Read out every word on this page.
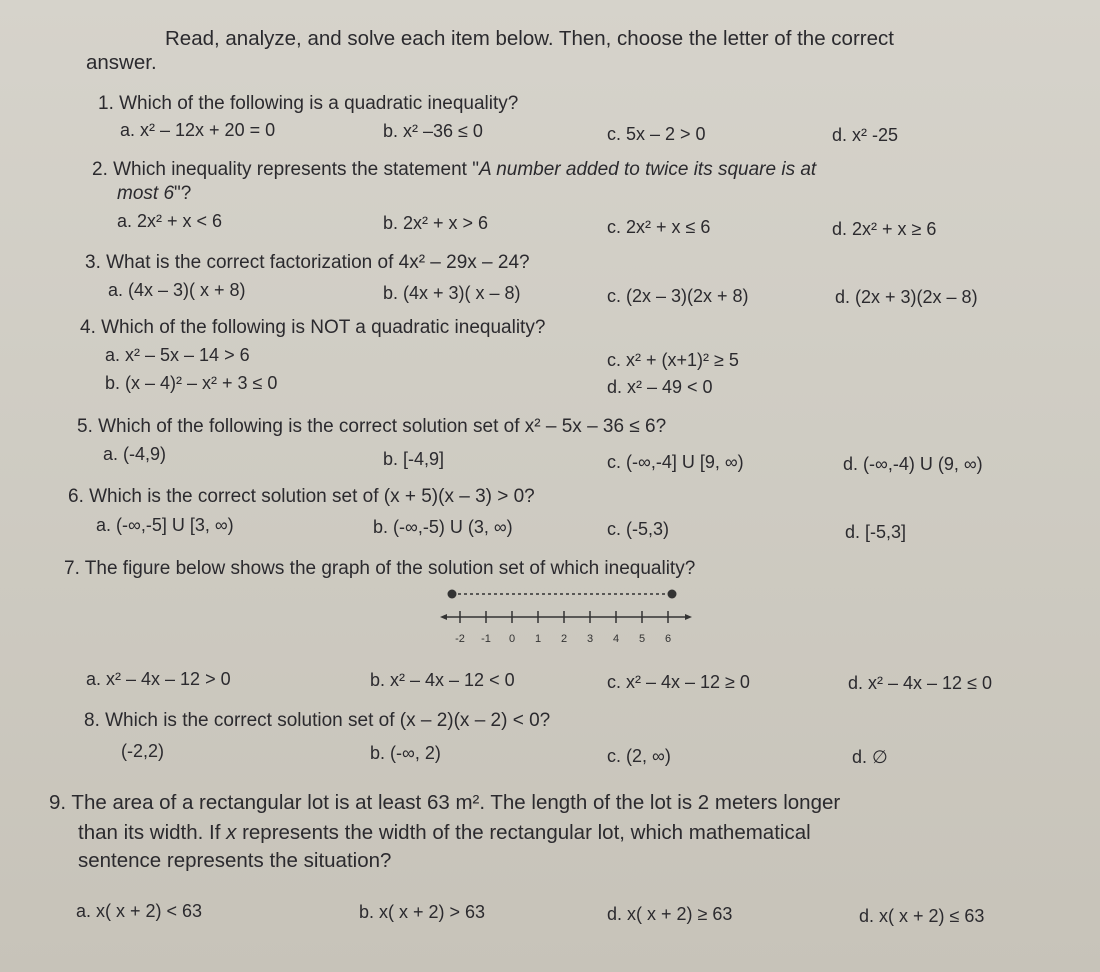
Read, analyze, and solve each item below. Then, choose the letter of the correct
answer.
1. Which of the following is a quadratic inequality?
a. x² – 12x + 20 = 0	b. x² –36 ≤ 0	c. 5x – 2 > 0	d. x² -25
2. Which inequality represents the statement "A number added to twice its square is at
most 6"?
a. 2x² + x < 6	b. 2x² + x > 6	c. 2x² + x ≤ 6	d. 2x² + x ≥ 6
3. What is the correct factorization of 4x² – 29x – 24?
a. (4x – 3)( x + 8)	b. (4x + 3)( x – 8)	c. (2x – 3)(2x + 8)	d. (2x + 3)(2x – 8)
4. Which of the following is NOT a quadratic inequality?
a. x² – 5x – 14 > 6
b. (x – 4)² – x² + 3 ≤ 0
c. x² + (x+1)² ≥ 5
d. x² – 49 < 0
5. Which of the following is the correct solution set of x² – 5x – 36 ≤ 6?
a. (-4,9)	b. [-4,9]	c. (-∞,-4] U [9, ∞)	d. (-∞,-4) U (9, ∞)
6. Which is the correct solution set of (x + 5)(x – 3) > 0?
a. (-∞,-5] U [3, ∞)	b. (-∞,-5) U (3, ∞)	c. (-5,3)	d. [-5,3]
7. The figure below shows the graph of the solution set of which inequality?
-2 -1 0 1 2 3 4 5 6
a. x² – 4x – 12 > 0	b. x² – 4x – 12 < 0	c. x² – 4x – 12 ≥ 0	d. x² – 4x – 12 ≤ 0
8. Which is the correct solution set of (x – 2)(x – 2) < 0?
(-2,2)	b. (-∞, 2)	c. (2, ∞)	d. ∅
9. The area of a rectangular lot is at least 63 m². The length of the lot is 2 meters longer
than its width. If x represents the width of the rectangular lot, which mathematical
sentence represents the situation?
a. x( x + 2) < 63	b. x( x + 2) > 63	d. x( x + 2) ≥ 63	d. x( x + 2) ≤ 63
